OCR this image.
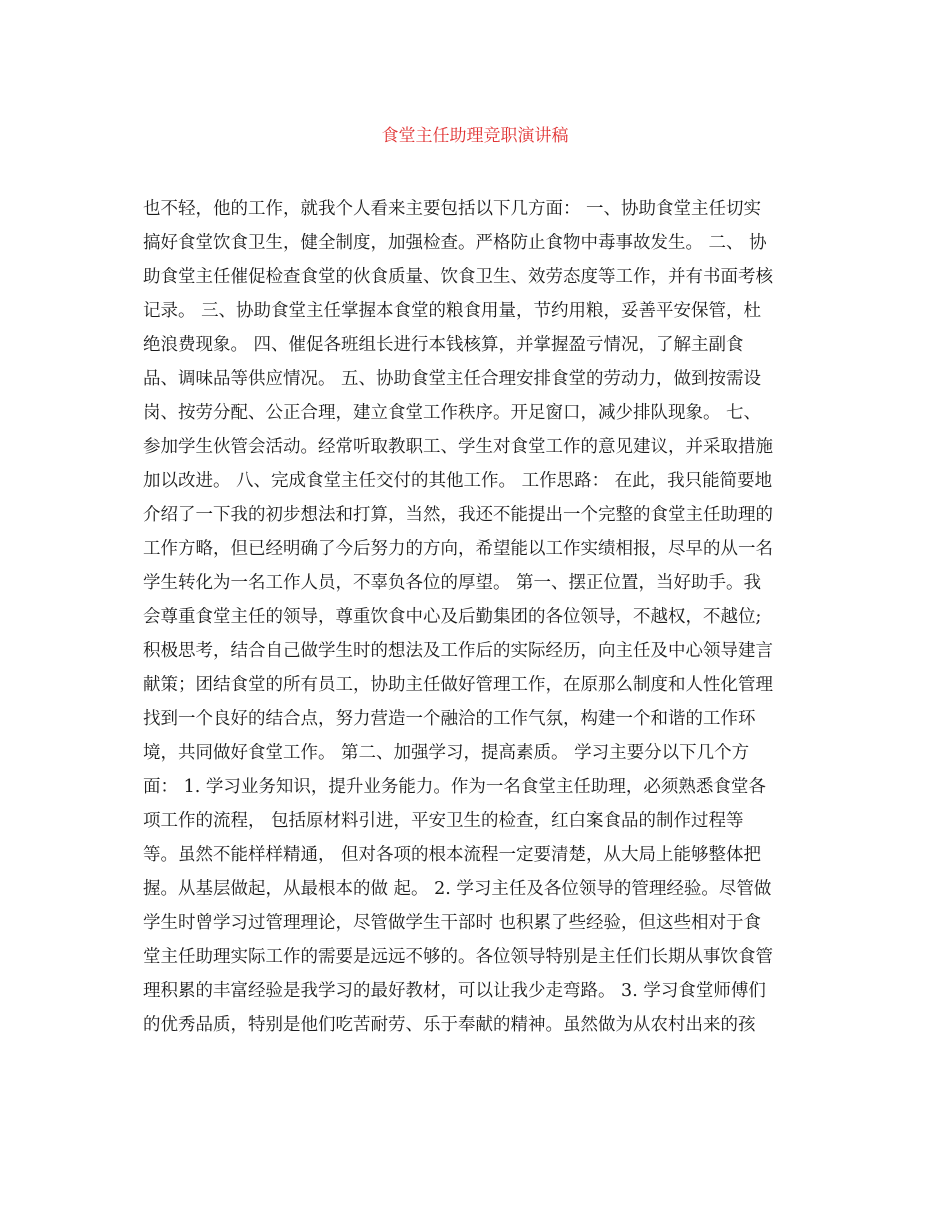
食堂主任助理竞职演讲稿
也不轻，他的工作，就我个人看来主要包括以下几方面： 一、协助食堂主任切实
搞好食堂饮食卫生，健全制度，加强检查。严格防止食物中毒事故发生。 二、 协
助食堂主任催促检查食堂的伙食质量、饮食卫生、效劳态度等工作，并有书面考核
记录。 三、协助食堂主任掌握本食堂的粮食用量，节约用粮，妥善平安保管，杜
绝浪费现象。 四、催促各班组长进行本钱核算，并掌握盈亏情况，了解主副食
品、调味品等供应情况。 五、协助食堂主任合理安排食堂的劳动力，做到按需设
岗、按劳分配、公正合理，建立食堂工作秩序。开足窗口，减少排队现象。 七、
参加学生伙管会活动。经常听取教职工、学生对食堂工作的意见建议，并采取措施
加以改进。 八、完成食堂主任交付的其他工作。 工作思路： 在此，我只能简要地
介绍了一下我的初步想法和打算，当然，我还不能提出一个完整的食堂主任助理的
工作方略，但已经明确了今后努力的方向，希望能以工作实绩相报，尽早的从一名
学生转化为一名工作人员，不辜负各位的厚望。 第一、摆正位置，当好助手。我
会尊重食堂主任的领导，尊重饮食中心及后勤集团的各位领导，不越权，不越位;
积极思考，结合自己做学生时的想法及工作后的实际经历，向主任及中心领导建言
献策；团结食堂的所有员工，协助主任做好管理工作，在原那么制度和人性化管理
找到一个良好的结合点，努力营造一个融洽的工作气氛，构建一个和谐的工作环
境，共同做好食堂工作。 第二、加强学习，提高素质。 学习主要分以下几个方
面： 1. 学习业务知识，提升业务能力。作为一名食堂主任助理，必须熟悉食堂各
项工作的流程， 包括原材料引进，平安卫生的检查，红白案食品的制作过程等
等。虽然不能样样精通， 但对各项的根本流程一定要清楚，从大局上能够整体把
握。从基层做起，从最根本的做 起。 2. 学习主任及各位领导的管理经验。尽管做
学生时曾学习过管理理论，尽管做学生干部时 也积累了些经验，但这些相对于食
堂主任助理实际工作的需要是远远不够的。各位领导特别是主任们长期从事饮食管
理积累的丰富经验是我学习的最好教材，可以让我少走弯路。 3. 学习食堂师傅们
的优秀品质，特别是他们吃苦耐劳、乐于奉献的精神。虽然做为从农村出来的孩
